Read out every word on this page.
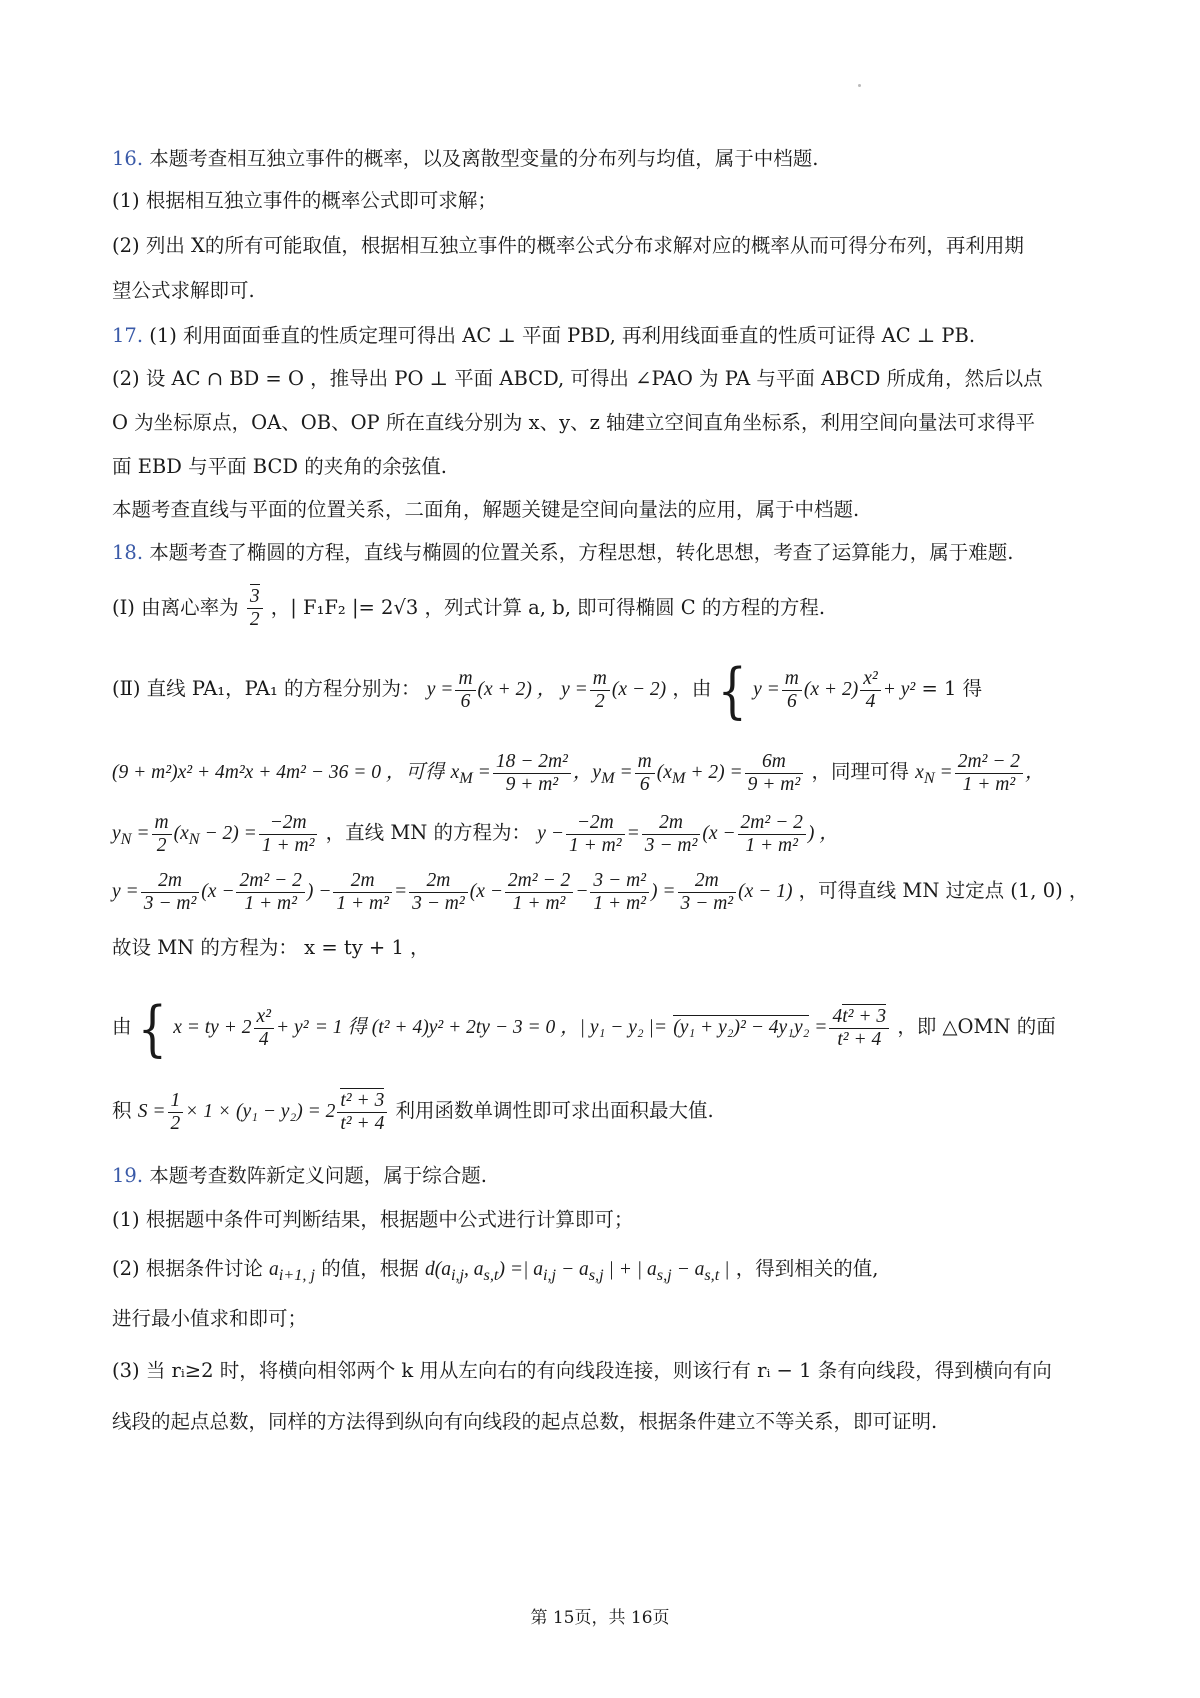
16. 本题考查相互独立事件的概率，以及离散型变量的分布列与均值，属于中档题.
(1) 根据相互独立事件的概率公式即可求解；
(2) 列出 X的所有可能取值，根据相互独立事件的概率公式分布求解对应的概率从而可得分布列，再利用期
望公式求解即可.
17. (1) 利用面面垂直的性质定理可得出 AC ⊥ 平面 PBD, 再利用线面垂直的性质可证得 AC ⊥ PB.
(2) 设 AC ∩ BD = O ，推导出 PO ⊥ 平面 ABCD, 可得出 ∠PAO 为 PA 与平面 ABCD 所成角，然后以点
O 为坐标原点，OA、OB、OP 所在直线分别为 x、y、z 轴建立空间直角坐标系，利用空间向量法可求得平
面 EBD 与平面 BCD 的夹角的余弦值.
本题考查直线与平面的位置关系，二面角，解题关键是空间向量法的应用，属于中档题.
18. 本题考查了椭圆的方程，直线与椭圆的位置关系，方程思想，转化思想，考查了运算能力，属于难题.
(Ⅰ) 由离心率为 $\frac{3}{2}$ ，| F₁F₂ |= 2√3 ，列式计算 a, b, 即可得椭圆 C 的方程的方程.
(Ⅱ) 直线 PA₁，PA₁ 的方程分别为： $y = \frac{m}{6} (x + 2)$ ， $y = \frac{m}{2} (x - 2)$ ，由 { $y = \frac{m}{6} (x + 2) \frac{\text{x²}}{4} + y^2 = 1$ 得
(9 + m²)x² + 4m²x + 4m² − 36 = 0 ，可得 $x_M = \frac{\text{18 − 2m²}}{\text{9 + m²}}$ ，$y_M = \frac{m}{6} (x_M + 2) = \frac{6m}{\text{9 + m²}}$ ，同理可得 $x_N = \frac{\text{2m² − 2}}{\text{1 + m²}}$ ，
$y_N = \frac{m}{2} (x_N - 2) = \frac{-2m}{\text{1 + m²}}$ ，直线 MN 的方程为： $y - \frac{-2m}{\text{1 + m²}} = \frac{2m}{\text{3 − m²}} (x - \frac{\text{2m² − 2}}{\text{1 + m²}}$ ) ，
$y = \frac{2m}{\text{3 − m²}} (x - \frac{\text{2m² − 2}}{\text{1 + m²}}$ ) − $\frac{2m}{\text{1 + m²}} = \frac{2m}{\text{3 − m²}} (x - \frac{\text{2m² − 2}}{\text{1 + m²}} - \frac{\text{3 − m²}}{\text{1 + m²}}$ ) = $\frac{2m}{\text{3 − m²}} (x - 1)$ ，可得直线 MN 过定点 (1, 0) ，
故设 MN 的方程为： x = ty + 1 ，
由 { x = ty + $2 \frac{\text{x²}}{4} + y^2 = 1$ 得 (t² + 4)y² + 2ty − 3 = 0 ，| y₁ − y₂ |= $(y_1 + y_2)^2 - 4y_1y_2 = \frac{\text{4t² + 3}}{\text{t² + 4}}$ ，即 △OMN 的面
积 $S = \frac{1}{2} \times 1 \times (y_1 - y_2) = 2 \frac{\text{t² + 3}}{\text{t² + 4}}$ 利用函数单调性即可求出面积最大值.
19. 本题考查数阵新定义问题，属于综合题.
(1) 根据题中条件可判断结果，根据题中公式进行计算即可；
(2) 根据条件讨论 $a_{i+1, j}$ 的值，根据 $d(a_{i,j}$, $a_{s,t}$) =| $a_{i,j} - a_{s,j}$ | + | $a_{s,j} - a_{s,t}$ | ，得到相关的值,
进行最小值求和即可；
(3) 当 rᵢ≥2 时，将横向相邻两个 k 用从左向右的有向线段连接，则该行有 rᵢ − 1 条有向线段，得到横向有向
线段的起点总数，同样的方法得到纵向有向线段的起点总数，根据条件建立不等关系，即可证明.
第 15页，共 16页
